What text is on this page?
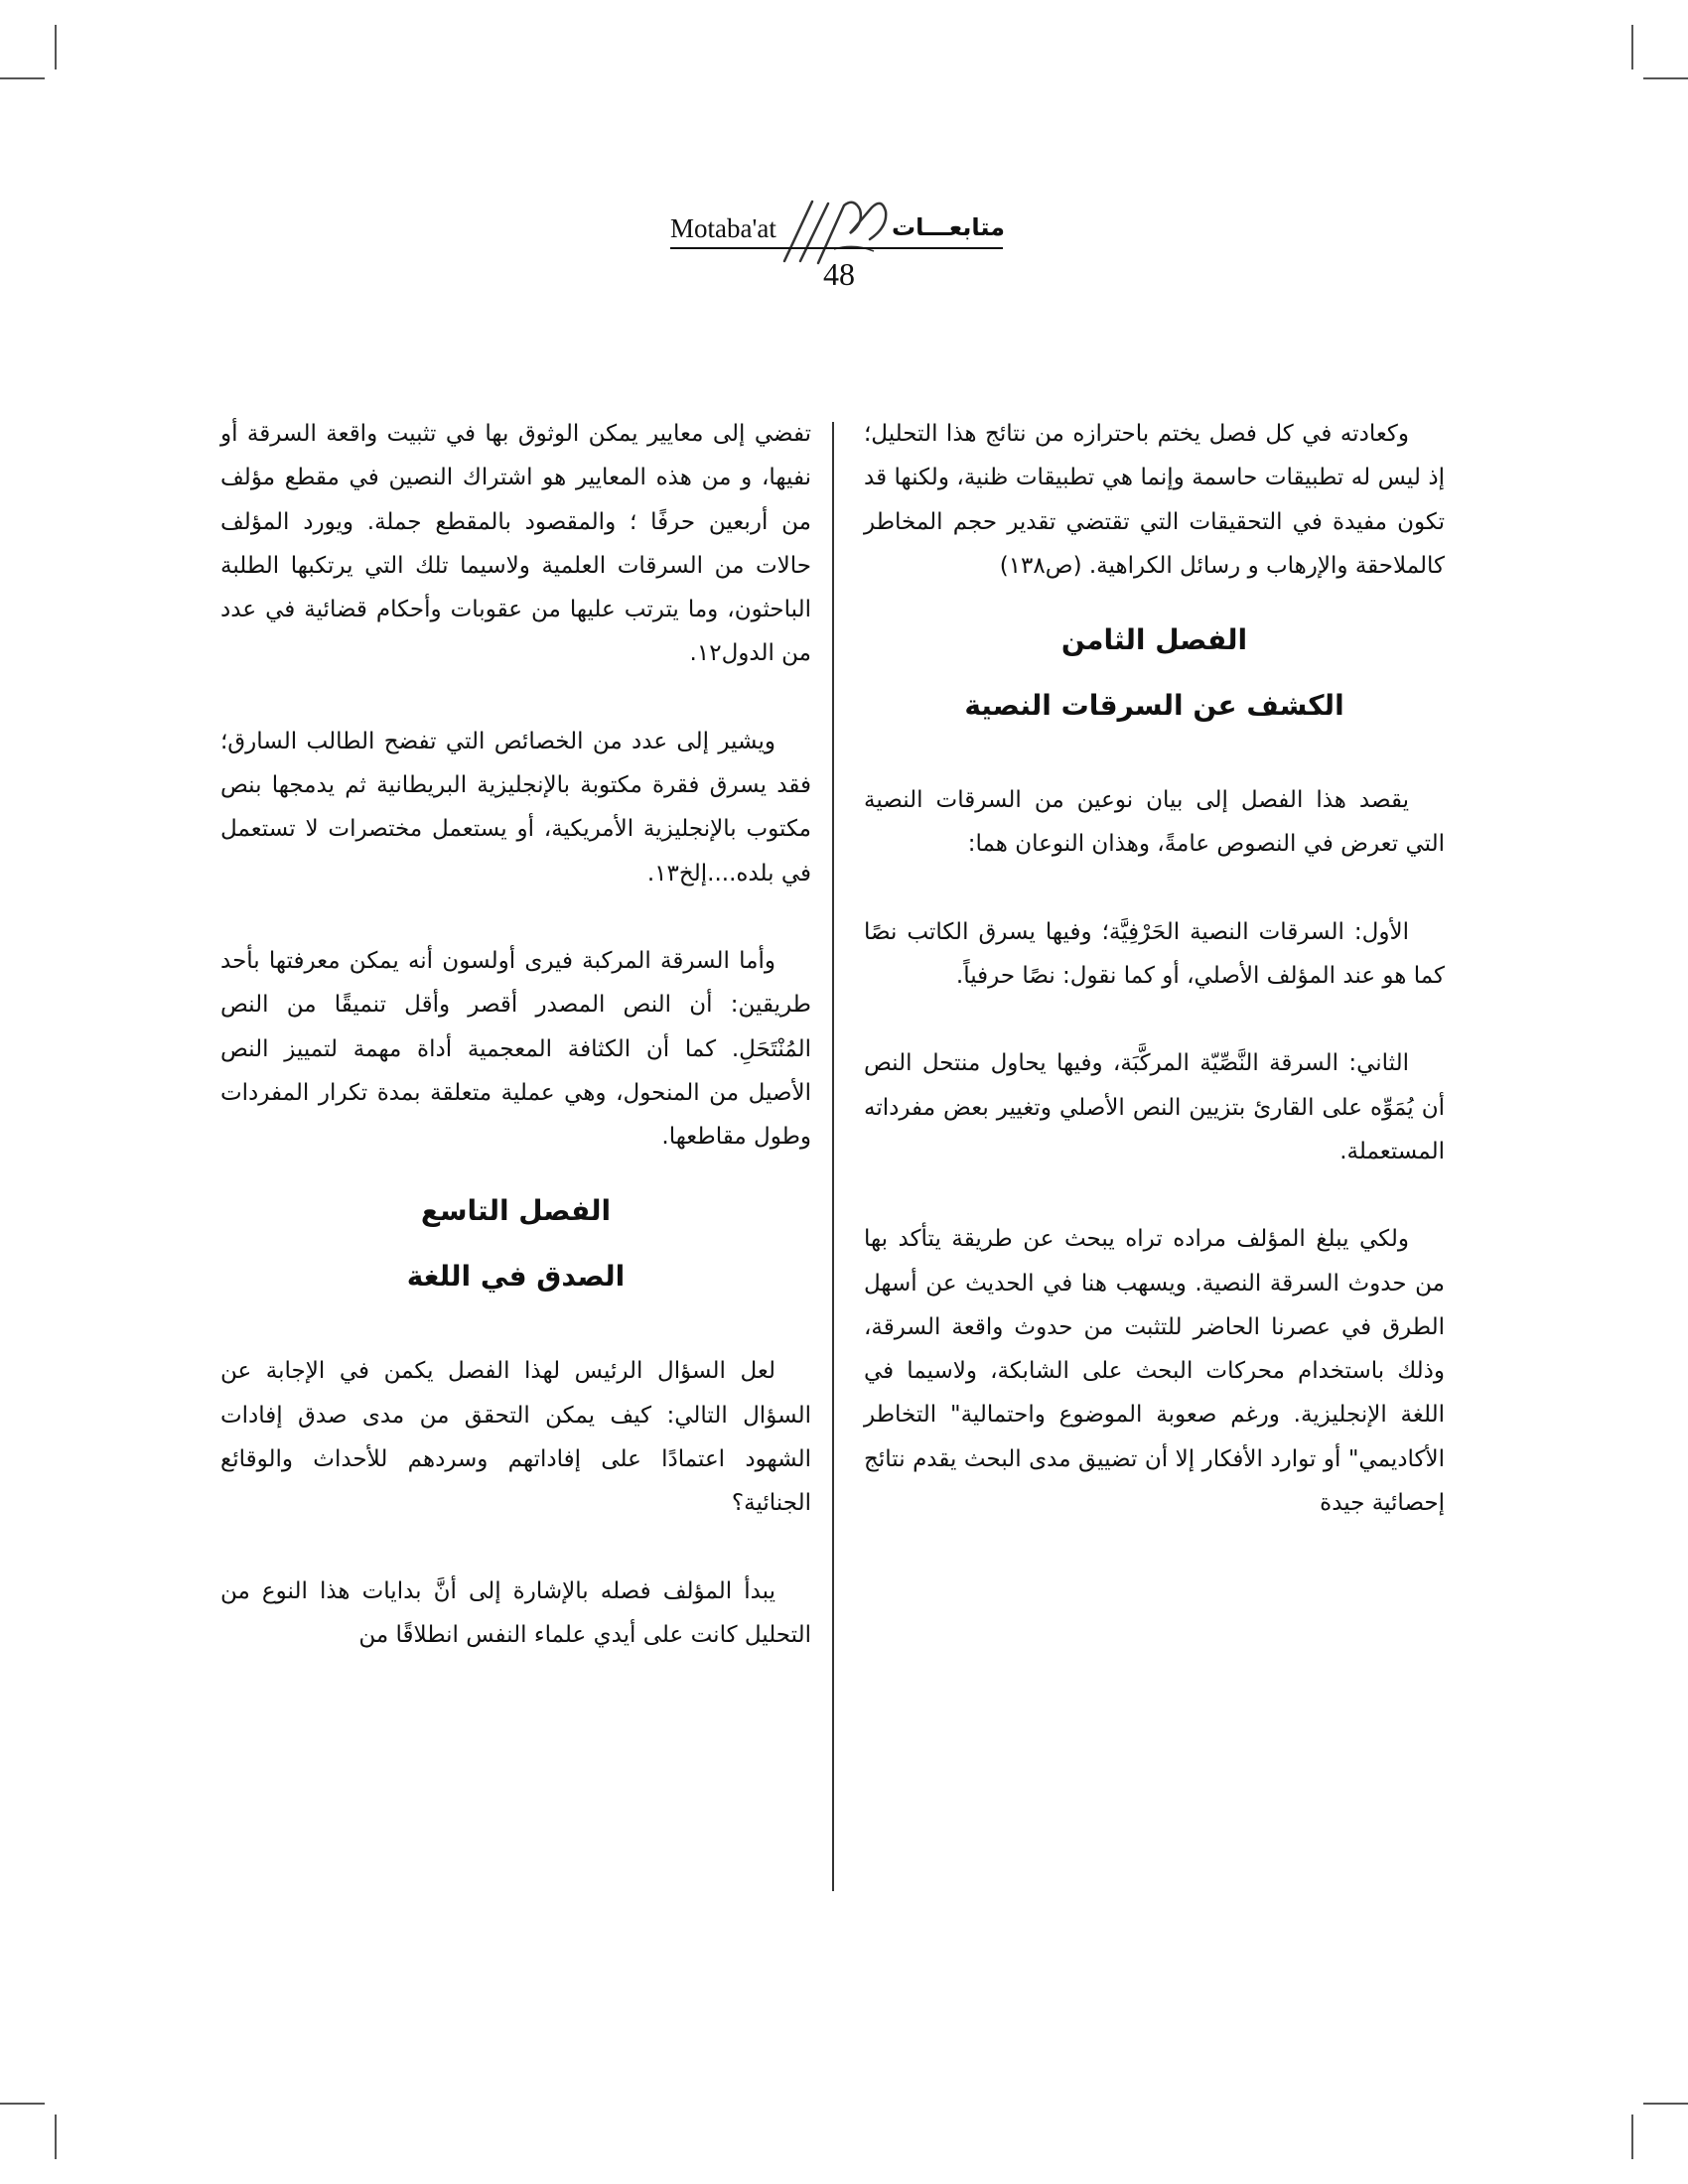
Motaba'at	متابعـــات
48

وكعادته في كل فصل يختم باحترازه من نتائج هذا التحليل؛ إذ ليس له تطبيقات حاسمة وإنما هي تطبيقات ظنية، ولكنها قد تكون مفيدة في التحقيقات التي تقتضي تقدير حجم المخاطر كالملاحقة والإرهاب و رسائل الكراهية. (ص١٣٨)

الفصل الثامن
الكشف عن السرقات النصية

يقصد هذا الفصل إلى بيان نوعين من السرقات النصية التي تعرض في النصوص عامةً، وهذان النوعان هما:

الأول: السرقات النصية الحَرْفِيَّة؛ وفيها يسرق الكاتب نصًا كما هو عند المؤلف الأصلي، أو كما نقول: نصًا حرفياً.

الثاني: السرقة النَّصِّيّة المركَّبَة، وفيها يحاول منتحل النص أن يُمَوِّه على القارئ بتزيين النص الأصلي وتغيير بعض مفرداته المستعملة.

ولكي يبلغ المؤلف مراده تراه يبحث عن طريقة يتأكد بها من حدوث السرقة النصية. ويسهب هنا في الحديث عن أسهل الطرق في عصرنا الحاضر للتثبت من حدوث واقعة السرقة، وذلك باستخدام محركات البحث على الشابكة، ولاسيما في اللغة الإنجليزية. ورغم صعوبة الموضوع واحتمالية" التخاطر الأكاديمي" أو توارد الأفكار إلا أن تضييق مدى البحث يقدم نتائج إحصائية جيدة

تفضي إلى معايير يمكن الوثوق بها في تثبيت واقعة السرقة أو نفيها، و من هذه المعايير هو اشتراك النصين في مقطع مؤلف من أربعين حرفًا ؛ والمقصود بالمقطع جملة. ويورد المؤلف حالات من السرقات العلمية ولاسيما تلك التي يرتكبها الطلبة الباحثون، وما يترتب عليها من عقوبات وأحكام قضائية في عدد من الدول١٢.

ويشير إلى عدد من الخصائص التي تفضح الطالب السارق؛ فقد يسرق فقرة مكتوبة بالإنجليزية البريطانية ثم يدمجها بنص مكتوب بالإنجليزية الأمريكية، أو يستعمل مختصرات لا تستعمل في بلده....إلخ١٣.

وأما السرقة المركبة فيرى أولسون أنه يمكن معرفتها بأحد طريقين: أن النص المصدر أقصر وأقل تنميقًا من النص المُنْتَحَلِ. كما أن الكثافة المعجمية أداة مهمة لتمييز النص الأصيل من المنحول، وهي عملية متعلقة بمدة تكرار المفردات وطول مقاطعها.

الفصل التاسع
الصدق في اللغة

لعل السؤال الرئيس لهذا الفصل يكمن في الإجابة عن السؤال التالي: كيف يمكن التحقق من مدى صدق إفادات الشهود اعتمادًا على إفاداتهم وسردهم للأحداث والوقائع الجنائية؟

يبدأ المؤلف فصله بالإشارة إلى أنَّ بدايات هذا النوع من التحليل كانت على أيدي علماء النفس انطلاقًا من
